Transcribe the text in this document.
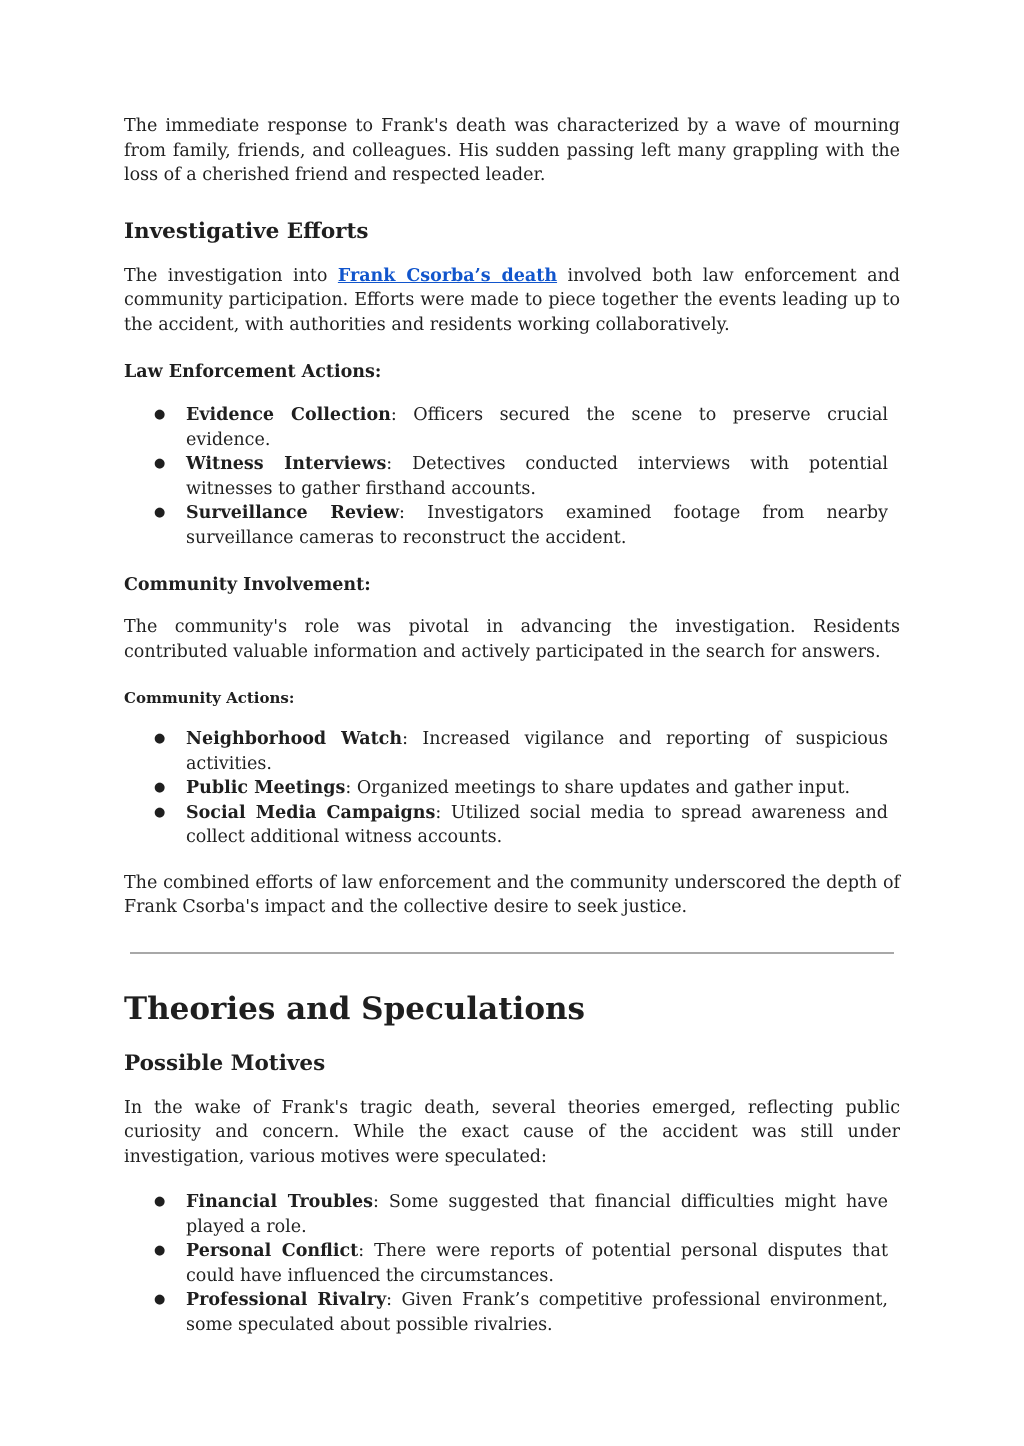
The immediate response to Frank's death was characterized by a wave of mourning from family, friends, and colleagues. His sudden passing left many grappling with the loss of a cherished friend and respected leader.

Investigative Efforts

The investigation into Frank Csorba’s death involved both law enforcement and community participation. Efforts were made to piece together the events leading up to the accident, with authorities and residents working collaboratively.

Law Enforcement Actions:
● Evidence Collection: Officers secured the scene to preserve crucial evidence.
● Witness Interviews: Detectives conducted interviews with potential witnesses to gather firsthand accounts.
● Surveillance Review: Investigators examined footage from nearby surveillance cameras to reconstruct the accident.
Community Involvement:

The community's role was pivotal in advancing the investigation. Residents contributed valuable information and actively participated in the search for answers.

Community Actions:
● Neighborhood Watch: Increased vigilance and reporting of suspicious activities.
● Public Meetings: Organized meetings to share updates and gather input.
● Social Media Campaigns: Utilized social media to spread awareness and collect additional witness accounts.

The combined efforts of law enforcement and the community underscored the depth of Frank Csorba's impact and the collective desire to seek justice.

Theories and Speculations
Possible Motives

In the wake of Frank's tragic death, several theories emerged, reflecting public curiosity and concern. While the exact cause of the accident was still under investigation, various motives were speculated:

● Financial Troubles: Some suggested that financial difficulties might have played a role.
● Personal Conflict: There were reports of potential personal disputes that could have influenced the circumstances.
● Professional Rivalry: Given Frank’s competitive professional environment, some speculated about possible rivalries.
